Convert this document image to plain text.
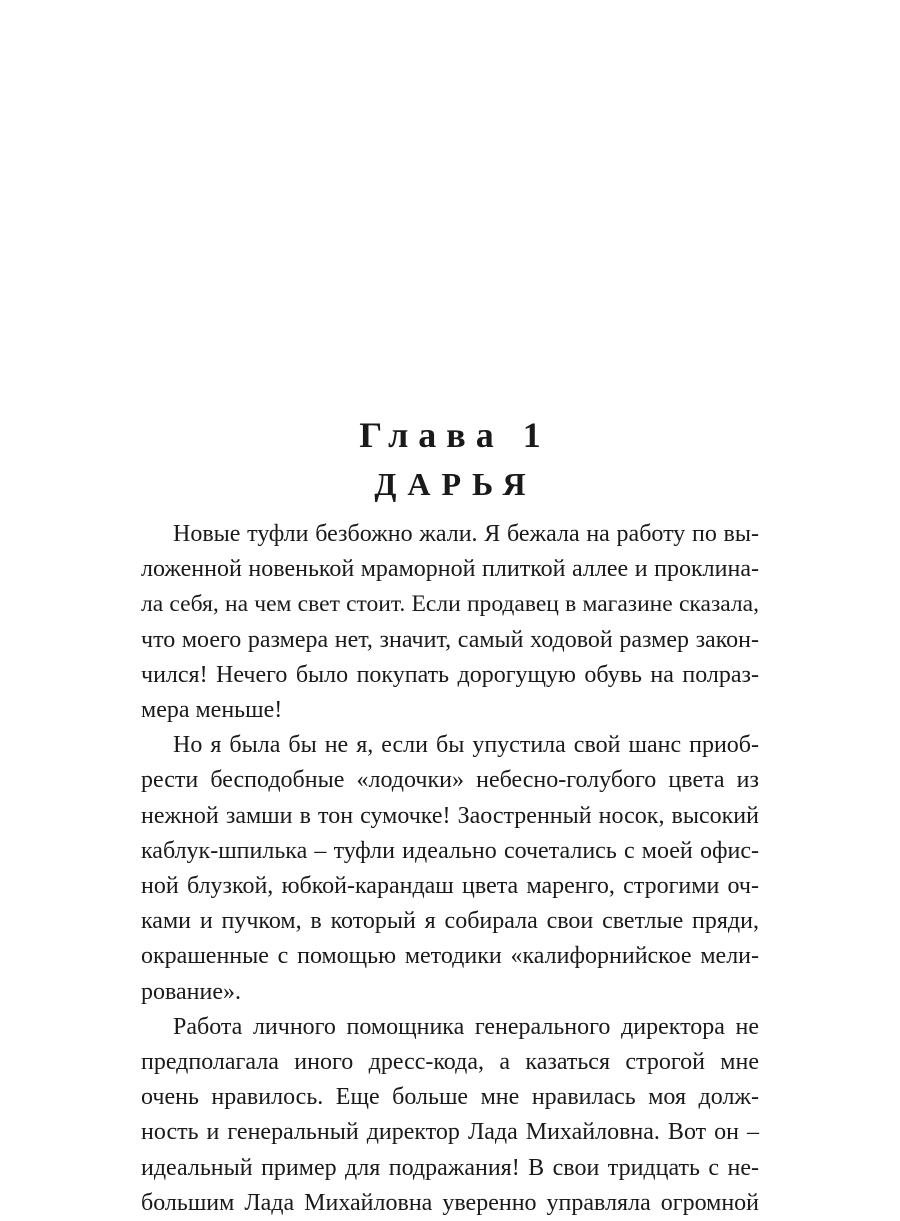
Глава 1
ДАРЬЯ

Новые туфли безбожно жали. Я бежала на работу по вы-
ложенной новенькой мраморной плиткой аллее и проклина-
ла себя, на чем свет стоит. Если продавец в магазине сказала,
что моего размера нет, значит, самый ходовой размер закон-
чился! Нечего было покупать дорогущую обувь на полраз-
мера меньше!

Но я была бы не я, если бы упустила свой шанс приоб-
рести бесподобные «лодочки» небесно-голубого цвета из
нежной замши в тон сумочке! Заостренный носок, высокий
каблук-шпилька – туфли идеально сочетались с моей офис-
ной блузкой, юбкой-карандаш цвета маренго, строгими оч-
ками и пучком, в который я собирала свои светлые пряди,
окрашенные с помощью методики «калифорнийское мели-
рование».

Работа личного помощника генерального директора не
предполагала иного дресс-кода, а казаться строгой мне
очень нравилось. Еще больше мне нравилась моя долж-
ность и генеральный директор Лада Михайловна. Вот он –
идеальный пример для подражания! В свои тридцать с не-
большим Лада Михайловна уверенно управляла огромной
